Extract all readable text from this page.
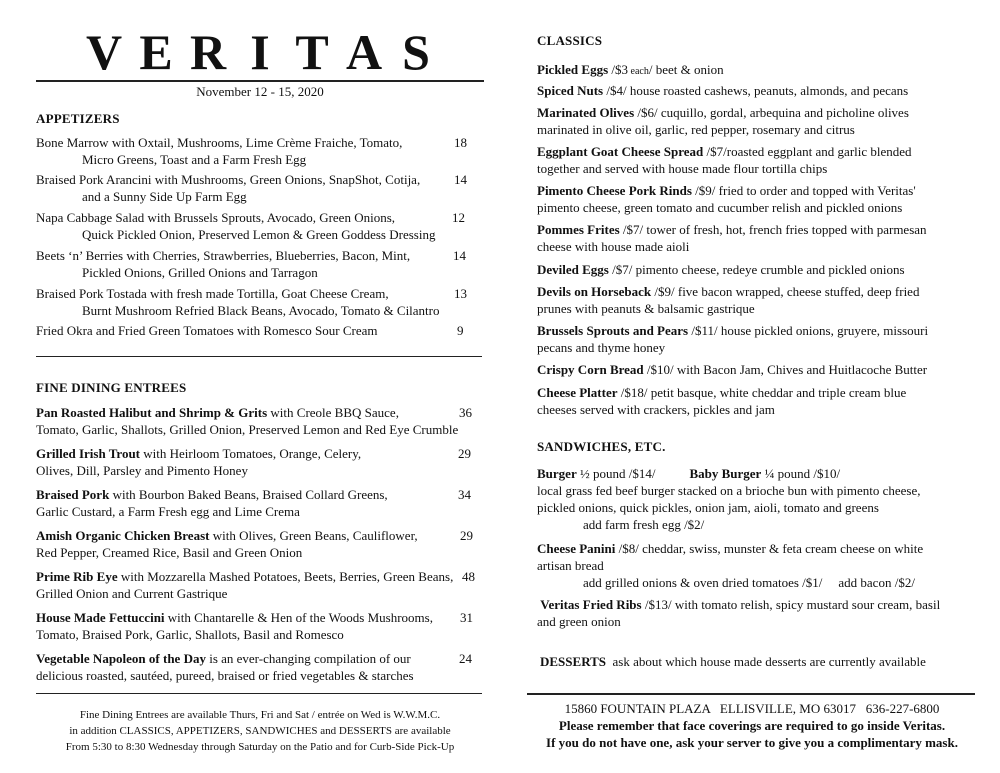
V E R I T A S
November 12 - 15, 2020
APPETIZERS
Bone Marrow with Oxtail, Mushrooms, Lime Crème Fraiche, Tomato,
Micro Greens, Toast and a Farm Fresh Egg
18
Braised Pork Arancini with Mushrooms, Green Onions, SnapShot, Cotija,
and a Sunny Side Up Farm Egg
14
Napa Cabbage Salad with Brussels Sprouts, Avocado, Green Onions,
Quick Pickled Onion, Preserved Lemon & Green Goddess Dressing
12
Beets ‘n’ Berries with Cherries, Strawberries, Blueberries, Bacon, Mint,
Pickled Onions, Grilled Onions and Tarragon
14
Braised Pork Tostada with fresh made Tortilla, Goat Cheese Cream,
Burnt Mushroom Refried Black Beans, Avocado, Tomato & Cilantro
13
Fried Okra and Fried Green Tomatoes with Romesco Sour Cream	9
FINE DINING ENTREES
Pan Roasted Halibut and Shrimp & Grits with Creole BBQ Sauce,
Tomato, Garlic, Shallots, Grilled Onion, Preserved Lemon and Red Eye Crumble
36
Grilled Irish Trout with Heirloom Tomatoes, Orange, Celery,
Olives, Dill, Parsley and Pimento Honey
29
Braised Pork with Bourbon Baked Beans, Braised Collard Greens,
Garlic Custard, a Farm Fresh egg and Lime Crema
34
Amish Organic Chicken Breast with Olives, Green Beans, Cauliflower,
Red Pepper, Creamed Rice, Basil and Green Onion
29
Prime Rib Eye with Mozzarella Mashed Potatoes, Beets, Berries, Green Beans,
Grilled Onion and Current Gastrique
48
House Made Fettuccini with Chantarelle & Hen of the Woods Mushrooms,
Tomato, Braised Pork, Garlic, Shallots, Basil and Romesco
31
Vegetable Napoleon of the Day is an ever-changing compilation of our
delicious roasted, sautéed, pureed, braised or fried vegetables & starches
24
Fine Dining Entrees are available Thurs, Fri and Sat / entrée on Wed is W.W.M.C.
in addition CLASSICS, APPETIZERS, SANDWICHES and DESSERTS are available
From 5:30 to 8:30 Wednesday through Saturday on the Patio and for Curb-Side Pick-Up
CLASSICS
Pickled Eggs /$3 each/ beet & onion
Spiced Nuts /$4/ house roasted cashews, peanuts, almonds, and pecans
Marinated Olives /$6/ cuquillo, gordal, arbequina and picholine olives
marinated in olive oil, garlic, red pepper, rosemary and citrus
Eggplant Goat Cheese Spread /$7/roasted eggplant and garlic blended
together and served with house made flour tortilla chips
Pimento Cheese Pork Rinds /$9/ fried to order and topped with Veritas'
pimento cheese, green tomato and cucumber relish and pickled onions
Pommes Frites /$7/ tower of fresh, hot, french fries topped with parmesan
cheese with house made aioli
Deviled Eggs /$7/ pimento cheese, redeye crumble and pickled onions
Devils on Horseback /$9/ five bacon wrapped, cheese stuffed, deep fried
prunes with peanuts & balsamic gastrique
Brussels Sprouts and Pears /$11/ house pickled onions, gruyere, missouri
pecans and thyme honey
Crispy Corn Bread /$10/ with Bacon Jam, Chives and Huitlacoche Butter
Cheese Platter /$18/ petit basque, white cheddar and triple cream blue
cheeses served with crackers, pickles and jam
SANDWICHES, ETC.
Burger ½ pound /$14/	Baby Burger ¼ pound /$10/
local grass fed beef burger stacked on a brioche bun with pimento cheese,
pickled onions, quick pickles, onion jam, aioli, tomato and greens
add farm fresh egg /$2/
Cheese Panini /$8/ cheddar, swiss, munster & feta cream cheese on white
artisan bread
add grilled onions & oven dried tomatoes /$1/ add bacon /$2/
Veritas Fried Ribs /$13/ with tomato relish, spicy mustard sour cream, basil
and green onion
DESSERTS ask about which house made desserts are currently available
15860 FOUNTAIN PLAZA   ELLISVILLE, MO 63017   636-227-6800
Please remember that face coverings are required to go inside Veritas.
If you do not have one, ask your server to give you a complimentary mask.
